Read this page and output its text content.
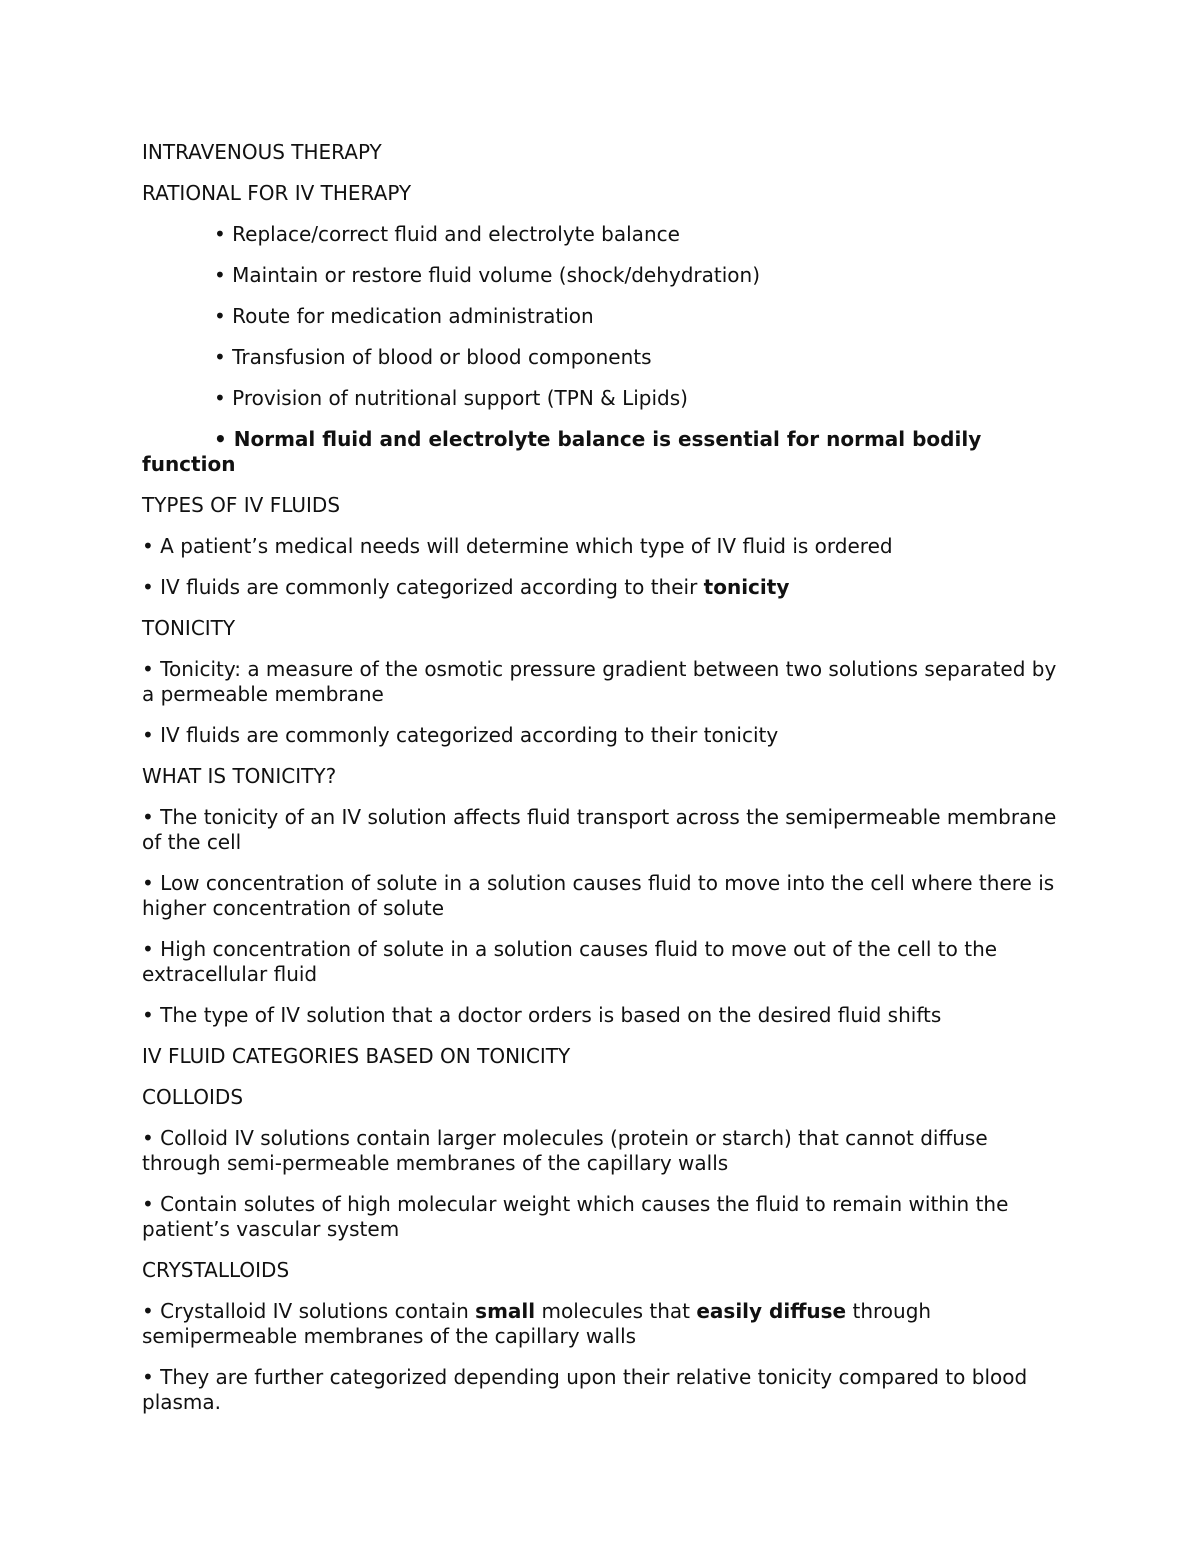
INTRAVENOUS THERAPY
RATIONAL FOR IV THERAPY
• Replace/correct fluid and electrolyte balance
• Maintain or restore fluid volume (shock/dehydration)
• Route for medication administration
• Transfusion of blood or blood components
• Provision of nutritional support (TPN & Lipids)
• Normal fluid and electrolyte balance is essential for normal bodily
function
TYPES OF IV FLUIDS
• A patient’s medical needs will determine which type of IV fluid is ordered
• IV fluids are commonly categorized according to their tonicity
TONICITY
• Tonicity: a measure of the osmotic pressure gradient between two solutions separated by a permeable membrane
• IV fluids are commonly categorized according to their tonicity
WHAT IS TONICITY?
• The tonicity of an IV solution affects fluid transport across the semipermeable membrane of the cell
• Low concentration of solute in a solution causes fluid to move into the cell where there is higher concentration of solute
• High concentration of solute in a solution causes fluid to move out of the cell to the extracellular fluid
• The type of IV solution that a doctor orders is based on the desired fluid shifts
IV FLUID CATEGORIES BASED ON TONICITY
COLLOIDS
• Colloid IV solutions contain larger molecules (protein or starch) that cannot diffuse through semi-permeable membranes of the capillary walls
• Contain solutes of high molecular weight which causes the fluid to remain within the patient’s vascular system
CRYSTALLOIDS
• Crystalloid IV solutions contain small molecules that easily diffuse through semipermeable membranes of the capillary walls
• They are further categorized depending upon their relative tonicity compared to blood plasma.
